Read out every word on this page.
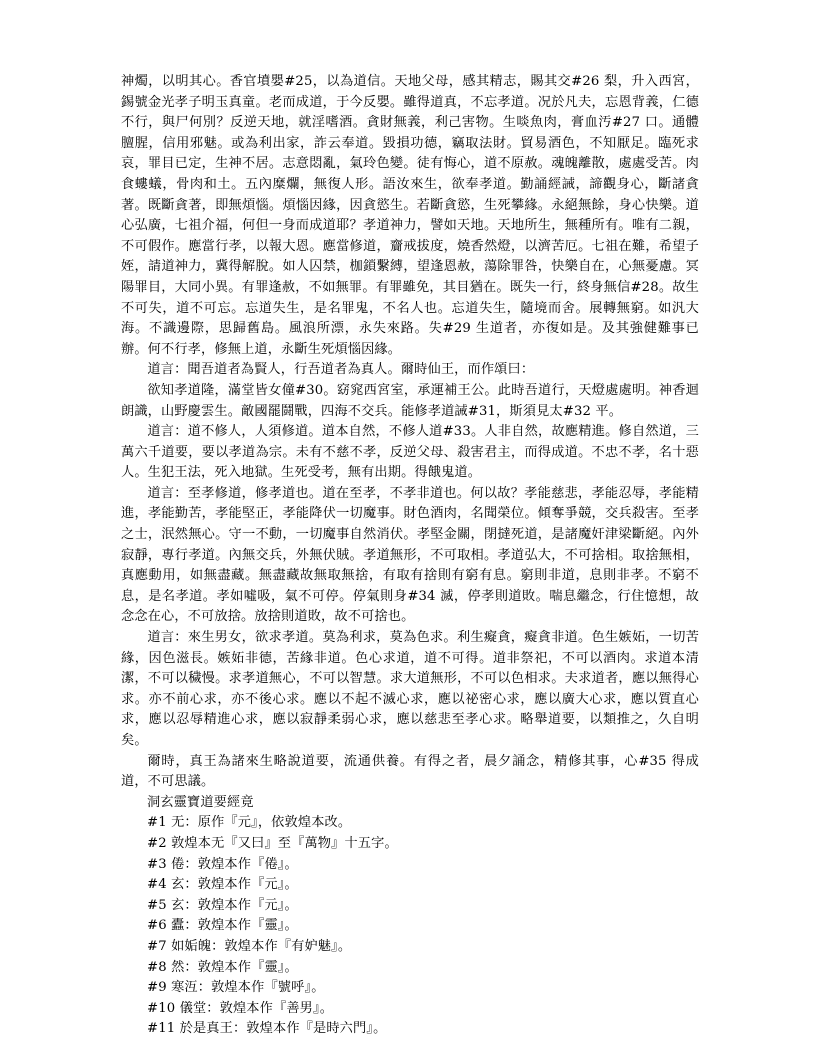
神燭，以明其心。香官墳嬰#25，以為道信。天地父母，感其精志，賜其交#26 梨，升入西宮，錫號金光孝子明玉真童。老而成道，于今反嬰。雖得道真，不忘孝道。况於凡夫，忘恩背義，仁德不行，與尸何別？反逆天地，就淫嗜酒。貪財無義，利己害物。生啖魚肉，膏血汚#27 口。通體膻腥，信用邪魅。或為利出家，詐云奉道。毀損功德，竊取法財。貿易酒色，不知厭足。臨死求哀，罪目已定，生神不居。志意悶亂，氣玲色變。徒有悔心，道不原赦。魂魄離散，處處受苦。肉食螻蟻，骨肉和土。五內糜爛，無復人形。語汝來生，欲奉孝道。勤誦經誡，諦觀身心，斷諸貪著。既斷貪著，即無煩惱。煩惱因緣，因貪慾生。若斷貪慾，生死攀緣。永絕無餘，身心快樂。道心弘廣，七祖介福，何但一身而成道耶？孝道神力，譬如天地。天地所生，無種所有。唯有二親，不可假作。應當行孝，以報大恩。應當修道，齎戒拔度，燒香然燈，以濟苦厄。七祖在難，希望子姪，請道神力，冀得解脫。如人囚禁，枷鎖繫縛，望逢恩赦，蕩除罪咎，快樂自在，心無憂慮。冥陽罪目，大同小異。有罪逢赦，不如無罪。有罪雖免，其目猶在。既失一行，終身無信#28。故生不可失，道不可忘。忘道失生，是名罪鬼，不名人也。忘道失生，隨境而舍。展轉無窮。如汎大海。不識邊際，思歸舊島。風浪所漂，永失來路。失#29 生道者，亦復如是。及其強健難事已辦。何不行孝，修無上道，永斷生死煩惱因緣。

道言：聞吾道者為賢人，行吾道者為真人。爾時仙王，而作頌曰：

欲知孝道隆，滿堂皆女僮#30。窈窕西宮室，承運補王公。此時吾道行，天燈處處明。神香迴朗識，山野慶雲生。敵國罷鬪戰，四海不交兵。能修孝道誡#31，斯須見太#32 平。

道言：道不修人，人須修道。道本自然，不修人道#33。人非自然，故應精進。修自然道，三萬六千道要，要以孝道為宗。未有不慈不孝，反逆父母、殺害君主，而得成道。不忠不孝，名十惡人。生犯王法，死入地獄。生死受考，無有出期。得餓鬼道。

道言：至孝修道，修孝道也。道在至孝，不孝非道也。何以故？孝能慈悲，孝能忍辱，孝能精進，孝能勤苦，孝能堅正，孝能降伏一切魔事。財色酒肉，名聞榮位。傾奪爭競，交兵殺害。至孝之士，泯然無心。守一不動，一切魔事自然消伏。孝堅金關，閉撻死道，是諸魔奸津梁斷絕。內外寂靜，專行孝道。內無交兵，外無伏賊。孝道無形，不可取相。孝道弘大，不可捨相。取捨無相，真應動用，如無盡藏。無盡藏故無取無捨，有取有捨則有窮有息。窮則非道，息則非孝。不窮不息，是名孝道。孝如噓吸，氣不可停。停氣則身#34 滅，停孝則道敗。喘息繼念，行住憶想，故念念在心，不可放捨。放捨則道敗，故不可捨也。

道言：來生男女，欲求孝道。莫為利求，莫為色求。利生癡貪，癡貪非道。色生嫉妬，一切苦緣，因色滋長。嫉妬非德，苦緣非道。色心求道，道不可得。道非祭祀，不可以酒肉。求道本清潔，不可以穢慢。求孝道無心，不可以智慧。求大道無形，不可以色相求。夫求道者，應以無得心求。亦不前心求，亦不後心求。應以不起不滅心求，應以祕密心求，應以廣大心求，應以質直心求，應以忍辱精進心求，應以寂靜柔弱心求，應以慈悲至孝心求。略舉道要，以類推之，久自明矣。

爾時，真王為諸來生略說道要，流通供養。有得之者，晨夕誦念，精修其事，心#35 得成道，不可思議。

洞玄靈寶道要經竟

#1 无：原作『元』，依敦煌本改。

#2 敦煌本无『又曰』至『萬物』十五字。

#3 倦：敦煌本作『倦』。

#4 玄：敦煌本作『元』。

#5 玄：敦煌本作『元』。

#6 蠹：敦煌本作『靈』。

#7 如姤魄：敦煌本作『有妒魅』。

#8 然：敦煌本作『靈』。

#9 寒沍：敦煌本作『號呼』。

#10 儀堂：敦煌本作『善男』。

#11 於是真王：敦煌本作『是時六門』。
